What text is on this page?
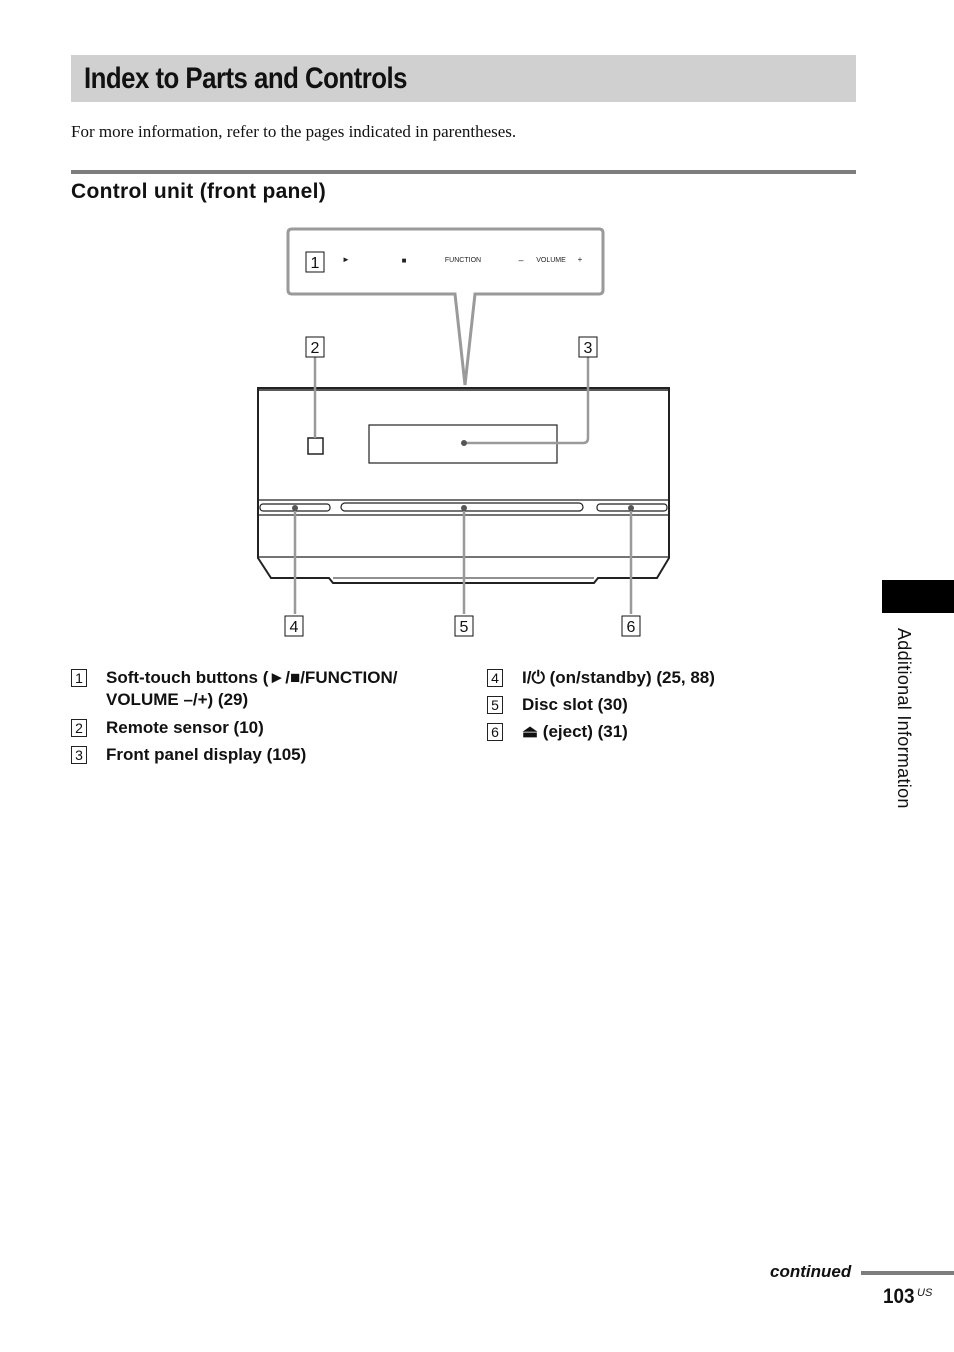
Index to Parts and Controls

For more information, refer to the pages indicated in parentheses.

Control unit (front panel)
►	■	FUNCTION	– VOLUME +
1
2	3
4	5	6
1 Soft-touch buttons (►/■/FUNCTION/
VOLUME –/+) (29)
2 Remote sensor (10)
3 Front panel display (105)
4 I/⏻ (on/standby) (25, 88)
5 Disc slot (30)
6 ⏏ (eject) (31)	Additional Information
continued
103 US
